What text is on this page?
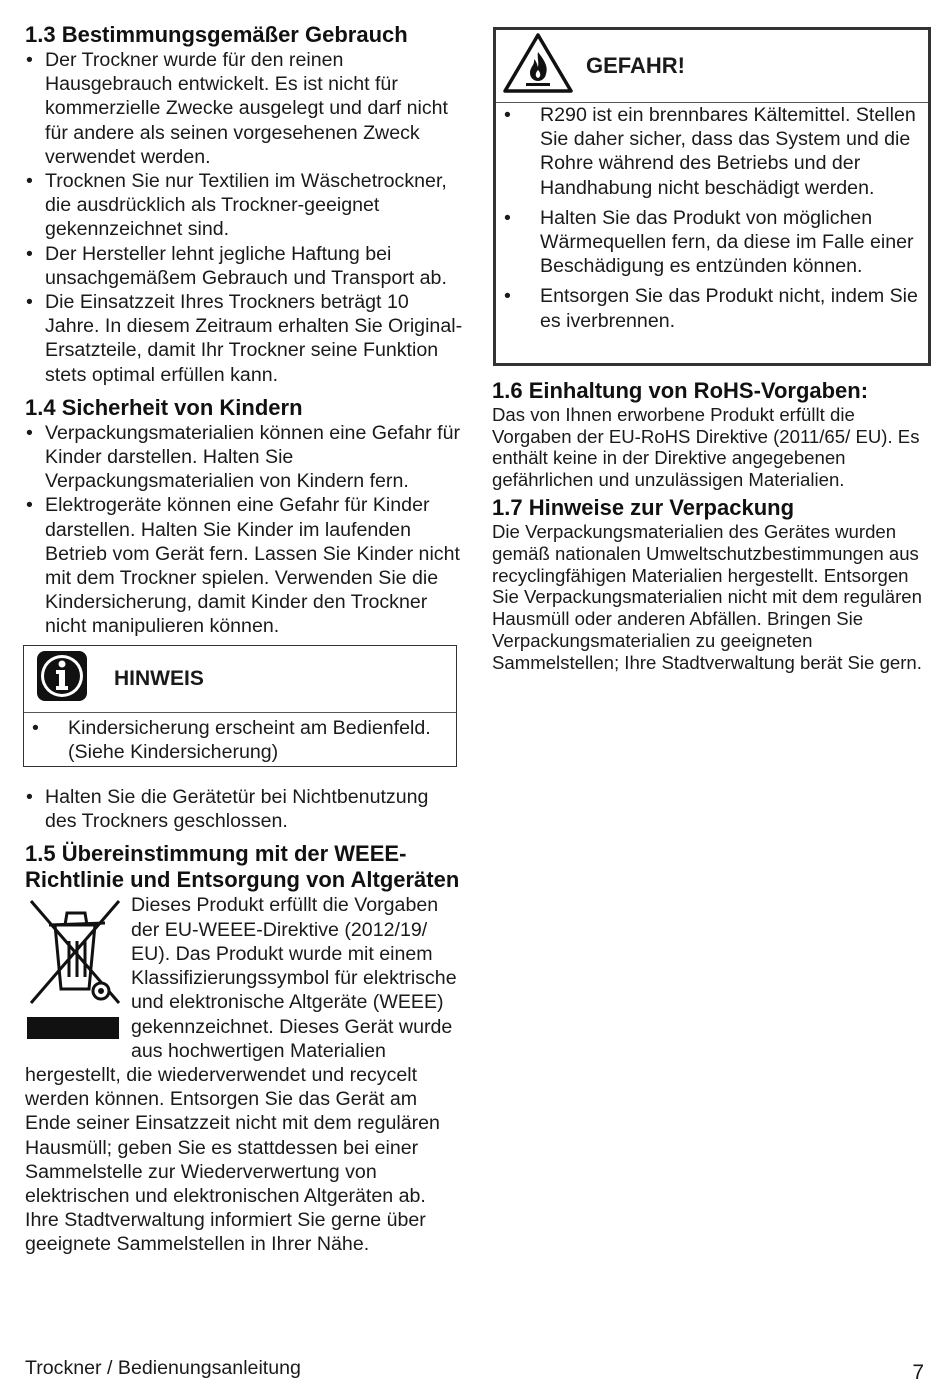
1.3 Bestimmungsgemäßer Gebrauch
• Der Trockner wurde für den reinen Hausgebrauch entwickelt. Es ist nicht für kommerzielle Zwecke ausgelegt und darf nicht für andere als seinen vorgesehenen Zweck verwendet werden.
• Trocknen Sie nur Textilien im Wäschetrockner, die ausdrücklich als Trockner-geeignet gekennzeichnet sind.
• Der Hersteller lehnt jegliche Haftung bei unsachgemäßem Gebrauch und Transport ab.
• Die Einsatzzeit Ihres Trockners beträgt 10 Jahre. In diesem Zeitraum erhalten Sie Original-Ersatzteile, damit Ihr Trockner seine Funktion stets optimal erfüllen kann.
1.4 Sicherheit von Kindern
• Verpackungsmaterialien können eine Gefahr für Kinder darstellen. Halten Sie Verpackungsmaterialien von Kindern fern.
• Elektrogeräte können eine Gefahr für Kinder darstellen. Halten Sie Kinder im laufenden Betrieb vom Gerät fern. Lassen Sie Kinder nicht mit dem Trockner spielen. Verwenden Sie die Kindersicherung, damit Kinder den Trockner nicht manipulieren können.
HINWEIS
• Kindersicherung erscheint am Bedienfeld. (Siehe Kindersicherung)
• Halten Sie die Gerätetür bei Nichtbenutzung des Trockners geschlossen.
1.5 Übereinstimmung mit der WEEE-Richtlinie und Entsorgung von Altgeräten
Dieses Produkt erfüllt die Vorgaben der EU-WEEE-Direktive (2012/19/ EU). Das Produkt wurde mit einem Klassifizierungssymbol für elektrische und elektronische Altgeräte (WEEE) gekennzeichnet. Dieses Gerät wurde aus hochwertigen Materialien hergestellt, die wiederverwendet und recycelt werden können. Entsorgen Sie das Gerät am Ende seiner Einsatzzeit nicht mit dem regulären Hausmüll; geben Sie es stattdessen bei einer Sammelstelle zur Wiederverwertung von elektrischen und elektronischen Altgeräten ab. Ihre Stadtverwaltung informiert Sie gerne über geeignete Sammelstellen in Ihrer Nähe.
GEFAHR!
• R290 ist ein brennbares Kältemittel. Stellen Sie daher sicher, dass das System und die Rohre während des Betriebs und der Handhabung nicht beschädigt werden.
• Halten Sie das Produkt von möglichen Wärmequellen fern, da diese im Falle einer Beschädigung es entzünden können.
• Entsorgen Sie das Produkt nicht, indem Sie es iverbrennen.
1.6 Einhaltung von RoHS-Vorgaben:
Das von Ihnen erworbene Produkt erfüllt die Vorgaben der EU-RoHS Direktive (2011/65/ EU). Es enthält keine in der Direktive angegebenen gefährlichen und unzulässigen Materialien.
1.7 Hinweise zur Verpackung
Die Verpackungsmaterialien des Gerätes wurden gemäß nationalen Umweltschutzbestimmungen aus recyclingfähigen Materialien hergestellt. Entsorgen Sie Verpackungsmaterialien nicht mit dem regulären Hausmüll oder anderen Abfällen. Bringen Sie Verpackungsmaterialien zu geeigneten Sammelstellen; Ihre Stadtverwaltung berät Sie gern.
Trockner / Bedienungsanleitung	7
